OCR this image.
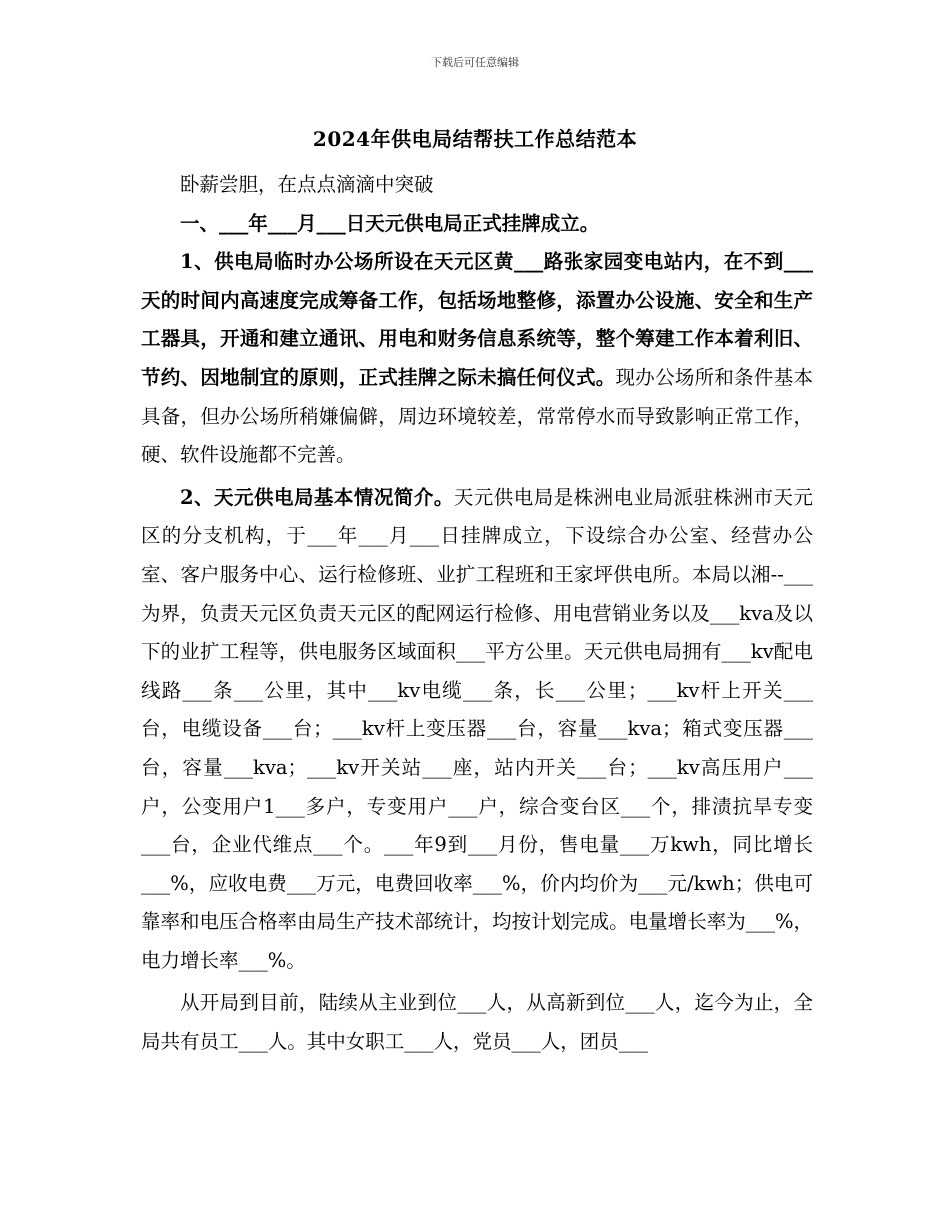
下载后可任意编辑
2024年供电局结帮扶工作总结范本

卧薪尝胆，在点点滴滴中突破

一、___年___月___日天元供电局正式挂牌成立。

1、供电局临时办公场所设在天元区黄___路张家园变电站内，在不到___天的时间内高速度完成筹备工作，包括场地整修，添置办公设施、安全和生产工器具，开通和建立通讯、用电和财务信息系统等，整个筹建工作本着利旧、节约、因地制宜的原则，正式挂牌之际未搞任何仪式。现办公场所和条件基本具备，但办公场所稍嫌偏僻，周边环境较差，常常停水而导致影响正常工作，硬、软件设施都不完善。

2、天元供电局基本情况简介。天元供电局是株洲电业局派驻株洲市天元区的分支机构，于___年___月___日挂牌成立，下设综合办公室、经营办公室、客户服务中心、运行检修班、业扩工程班和王家坪供电所。本局以湘--___为界，负责天元区负责天元区的配网运行检修、用电营销业务以及___kva及以下的业扩工程等，供电服务区域面积___平方公里。天元供电局拥有___kv配电线路___条___公里，其中___kv电缆___条，长___公里；___kv杆上开关___台，电缆设备___台；___kv杆上变压器___台，容量___kva；箱式变压器___台，容量___kva；___kv开关站___座，站内开关___台；___kv高压用户___户，公变用户1___多户，专变用户___户，综合变台区___个，排渍抗旱专变___台，企业代维点___个。___年9到___月份，售电量___万kwh，同比增长___%，应收电费___万元，电费回收率___%，价内均价为___元/kwh；供电可靠率和电压合格率由局生产技术部统计，均按计划完成。电量增长率为___%，电力增长率___%。

从开局到目前，陆续从主业到位___人，从高新到位___人，迄今为止，全局共有员工___人。其中女职工___人，党员___人，团员___
